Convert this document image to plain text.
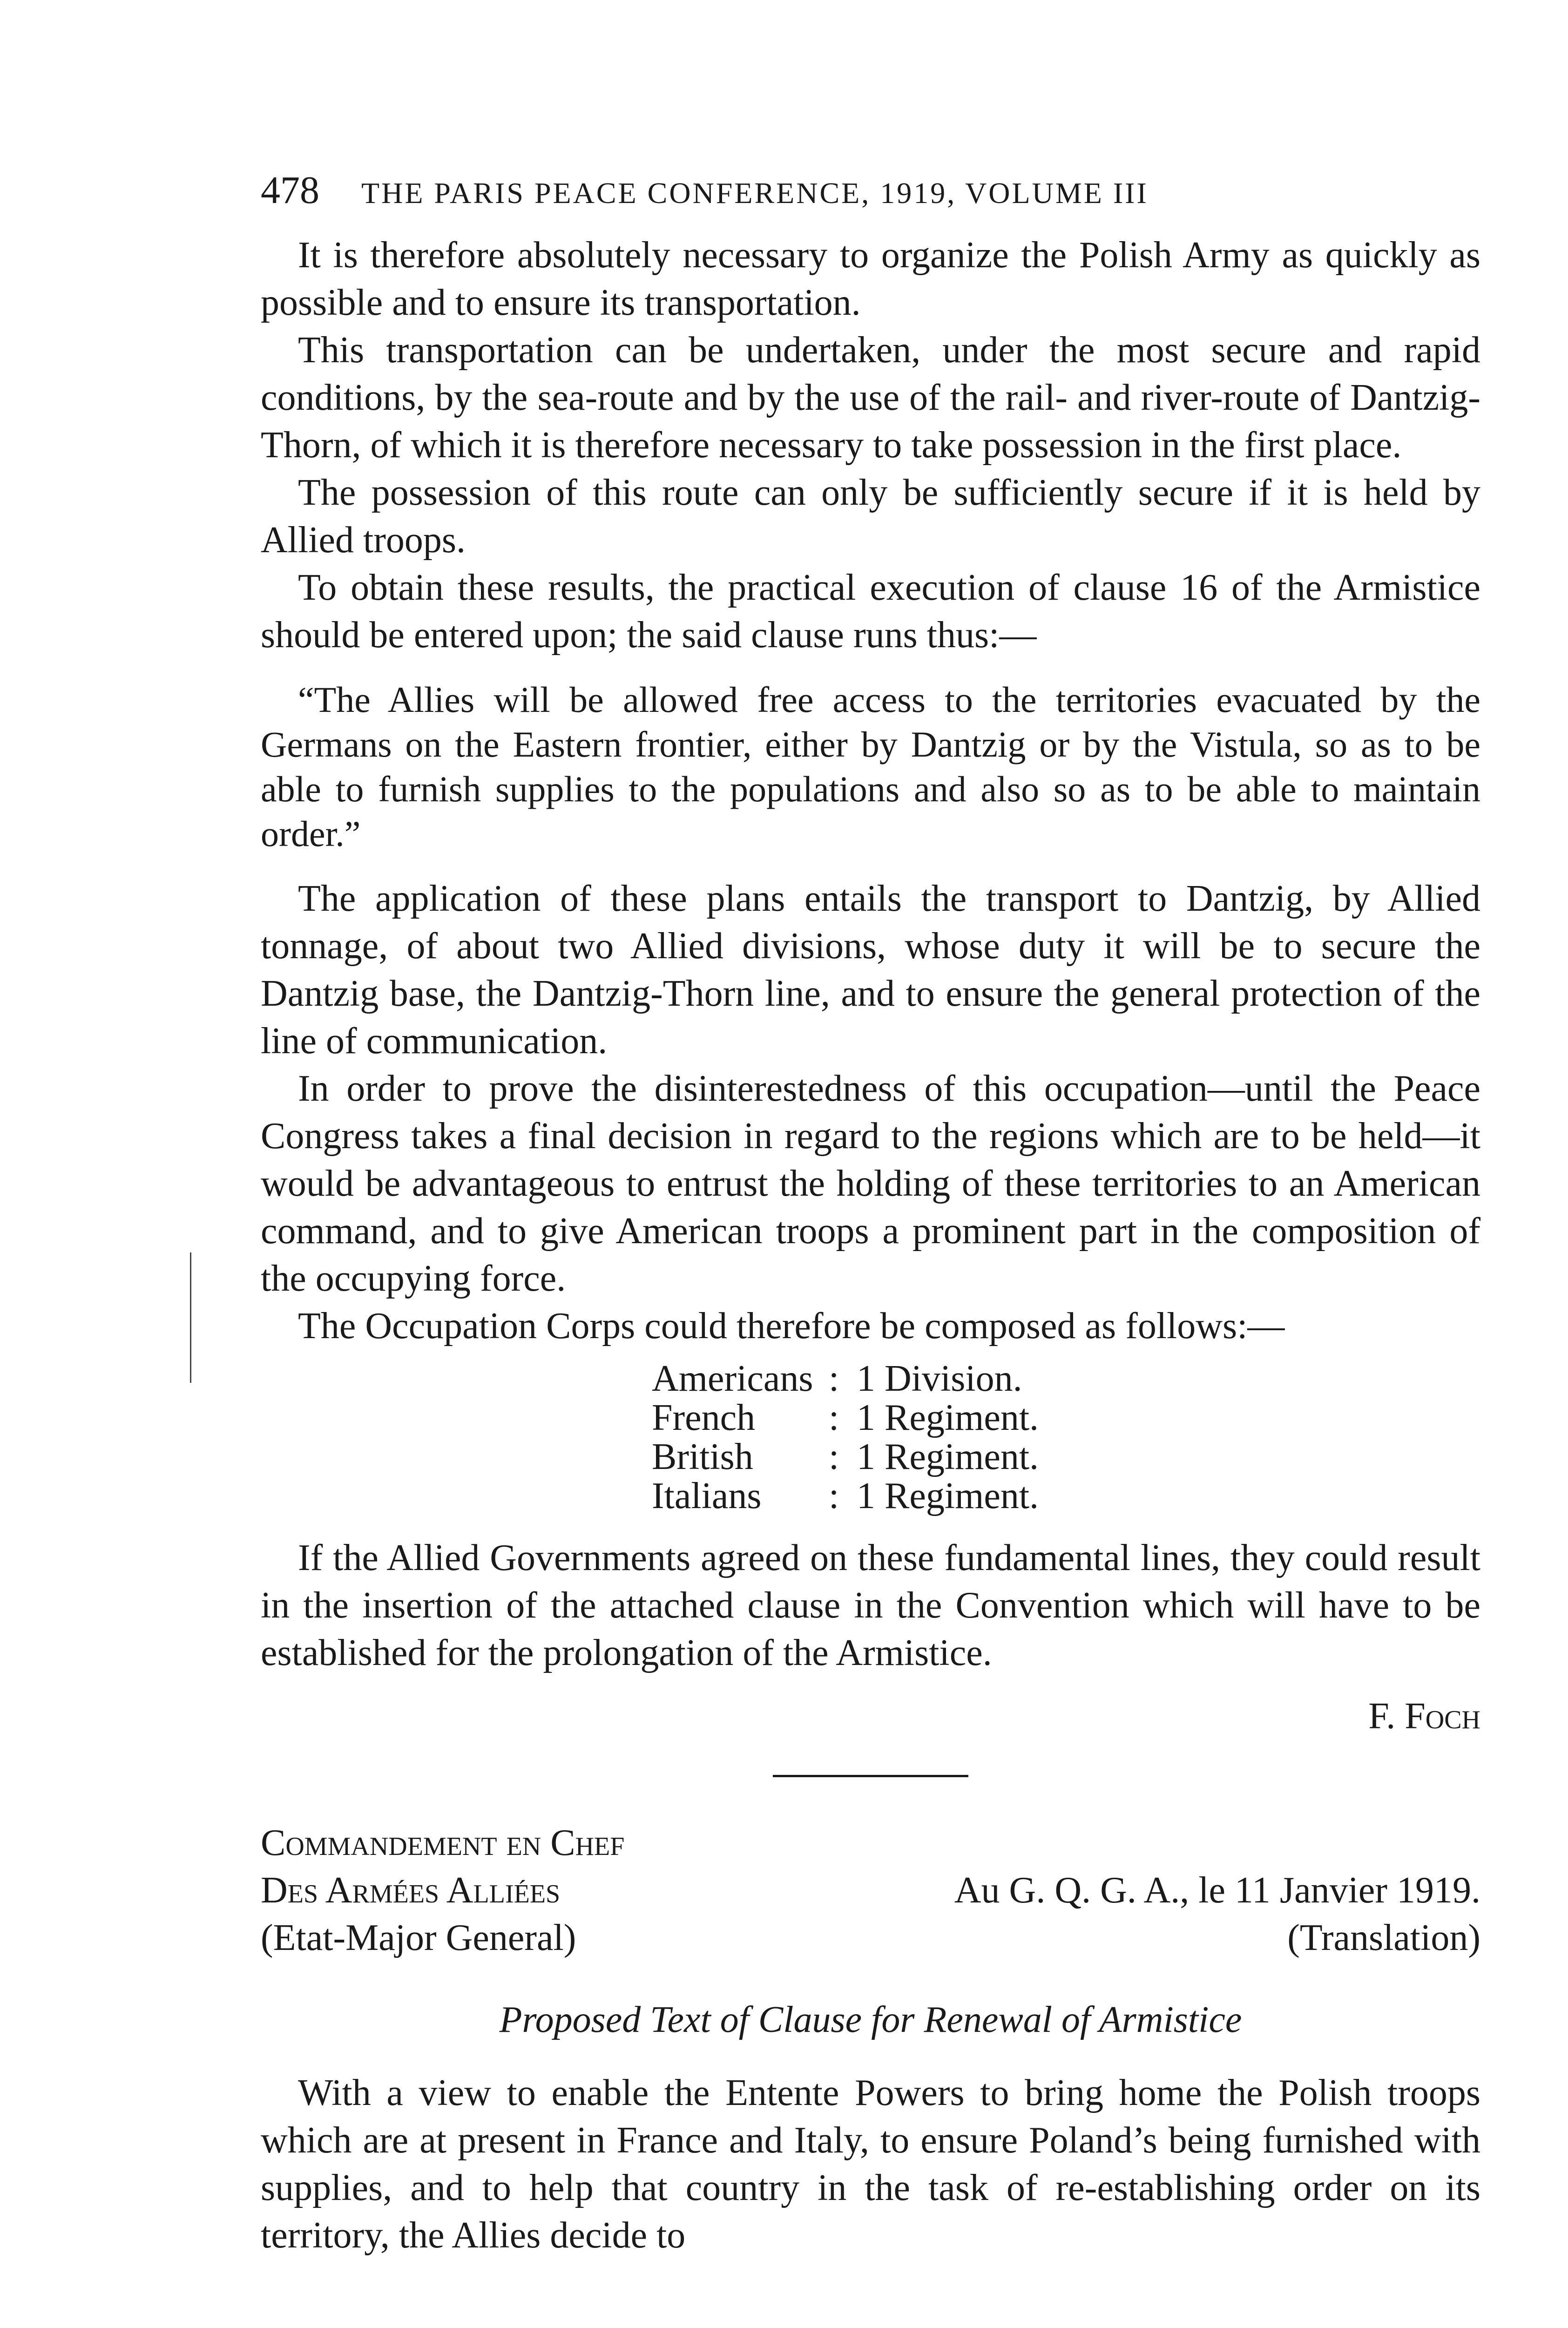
478 THE PARIS PEACE CONFERENCE, 1919, VOLUME III

It is therefore absolutely necessary to organize the Polish Army as quickly as possible and to ensure its transportation.

This transportation can be undertaken, under the most secure and rapid conditions, by the sea-route and by the use of the rail- and river-route of Dantzig-Thorn, of which it is therefore necessary to take possession in the first place.

The possession of this route can only be sufficiently secure if it is held by Allied troops.

To obtain these results, the practical execution of clause 16 of the Armistice should be entered upon; the said clause runs thus:—

“The Allies will be allowed free access to the territories evacuated by the Germans on the Eastern frontier, either by Dantzig or by the Vistula, so as to be able to furnish supplies to the populations and also so as to be able to maintain order.”

The application of these plans entails the transport to Dantzig, by Allied tonnage, of about two Allied divisions, whose duty it will be to secure the Dantzig base, the Dantzig-Thorn line, and to ensure the general protection of the line of communication.

In order to prove the disinterestedness of this occupation—until the Peace Congress takes a final decision in regard to the regions which are to be held—it would be advantageous to entrust the holding of these territories to an American command, and to give American troops a prominent part in the composition of the occupying force.

The Occupation Corps could therefore be composed as follows:—

Americans	:	1 Division.
French	:	1 Regiment.
British	:	1 Regiment.
Italians	:	1 Regiment.

If the Allied Governments agreed on these fundamental lines, they could result in the insertion of the attached clause in the Convention which will have to be established for the prolongation of the Armistice.

F. Foch
Commandement en Chef
Des Armées Alliées
(Etat-Major General)
Au G. Q. G. A., le 11 Janvier 1919.
(Translation)
Proposed Text of Clause for Renewal of Armistice

With a view to enable the Entente Powers to bring home the Polish troops which are at present in France and Italy, to ensure Poland’s being furnished with supplies, and to help that country in the task of re-establishing order on its territory, the Allies decide to
